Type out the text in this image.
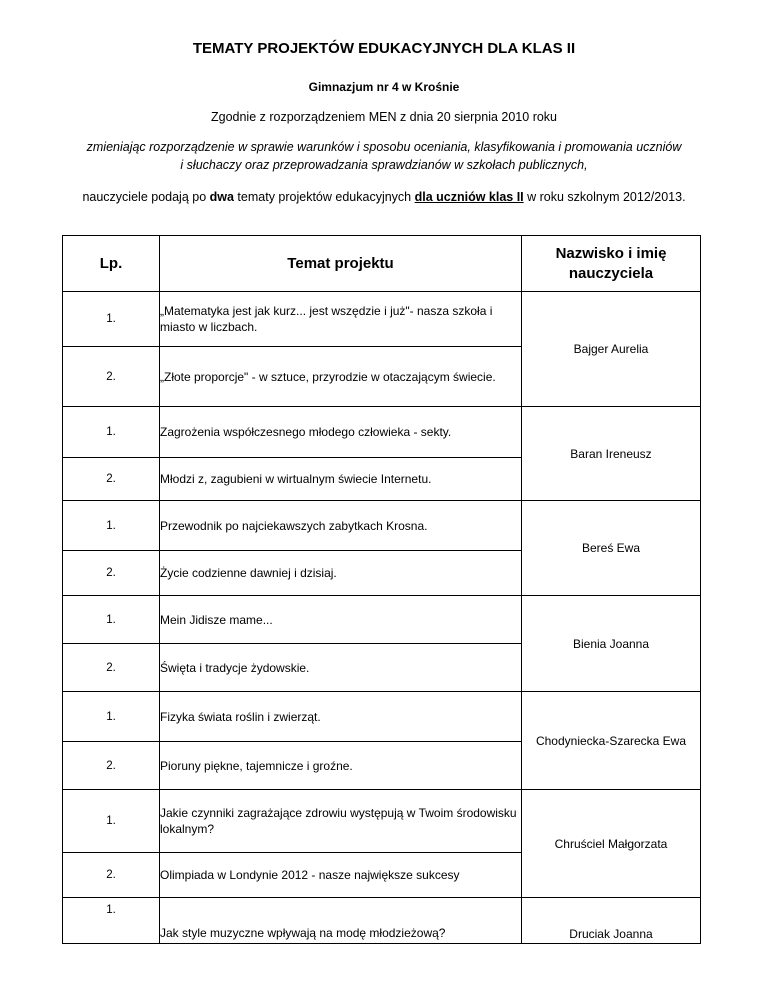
TEMATY PROJEKTÓW EDUKACYJNYCH DLA KLAS II
Gimnazjum nr 4 w Krośnie
Zgodnie z rozporządzeniem MEN z dnia 20 sierpnia 2010 roku
zmieniając rozporządzenie w sprawie warunków i sposobu oceniania, klasyfikowania i promowania uczniów
i słuchaczy oraz przeprowadzania sprawdzianów w szkołach publicznych,
nauczyciele podają po dwa tematy projektów edukacyjnych dla uczniów klas II w roku szkolnym 2012/2013.
Lp.	Temat projektu	Nazwisko i imię nauczyciela
1.	„Matematyka jest jak kurz... jest wszędzie i już"- nasza szkoła i miasto w liczbach.	Bajger Aurelia
2.	„Złote proporcje" - w sztuce, przyrodzie w otaczającym świecie.	
1.	Zagrożenia współczesnego młodego człowieka - sekty.	Baran Ireneusz
2.	Młodzi z, zagubieni w wirtualnym świecie Internetu.	
1.	Przewodnik po najciekawszych zabytkach Krosna.	Bereś Ewa
2.	Życie codzienne dawniej i dzisiaj.	
1.	Mein Jidisze mame...	Bienia Joanna
2.	Święta i tradycje żydowskie.	
1.	Fizyka świata roślin i zwierząt.	Chodyniecka-Szarecka Ewa
2.	Pioruny piękne, tajemnicze i groźne.	
1.	Jakie czynniki zagrażające zdrowiu występują w Twoim środowisku lokalnym?	Chruściel Małgorzata
2.	Olimpiada w Londynie 2012 - nasze największe sukcesy	
1.	Jak style muzyczne wpływają na modę młodzieżową?	Druciak Joanna
